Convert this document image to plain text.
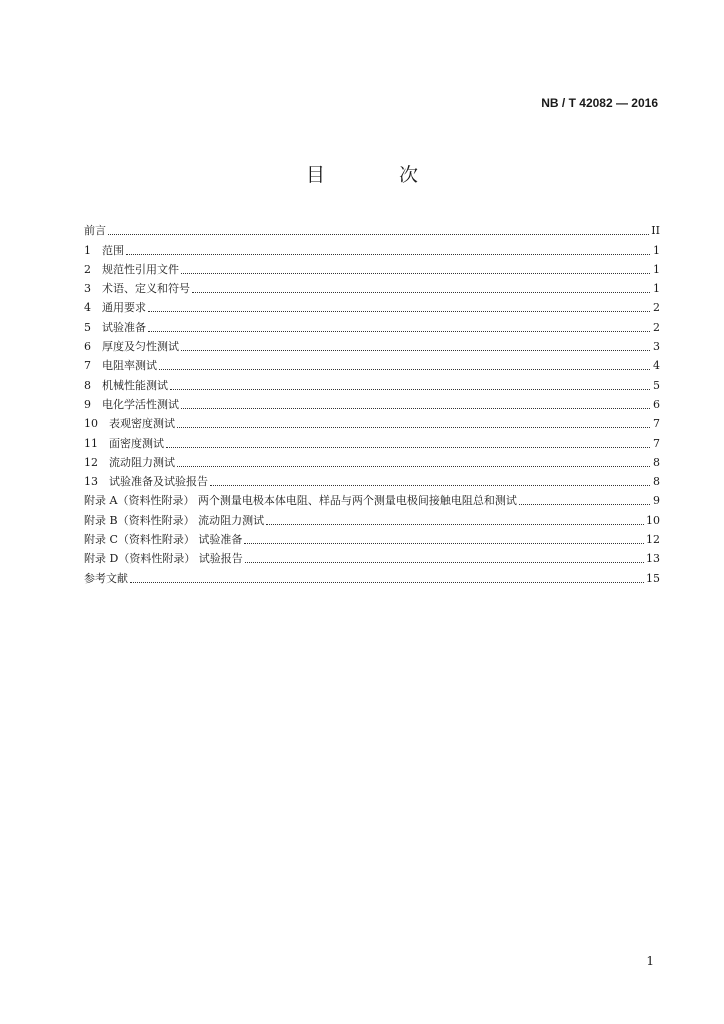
NB / T 42082 — 2016
目 次
前言	II
1	范围	1
2	规范性引用文件	1
3	术语、定义和符号	1
4	通用要求	2
5	试验准备	2
6	厚度及匀性测试	3
7	电阻率测试	4
8	机械性能测试	5
9	电化学活性测试	6
10	表观密度测试	7
11	面密度测试	7
12	流动阻力测试	8
13	试验准备及试验报告	8
附录 A（资料性附录） 两个测量电极本体电阻、样品与两个测量电极间接触电阻总和测试	9
附录 B（资料性附录） 流动阻力测试	10
附录 C（资料性附录） 试验准备	12
附录 D（资料性附录） 试验报告	13
参考文献	15
1
